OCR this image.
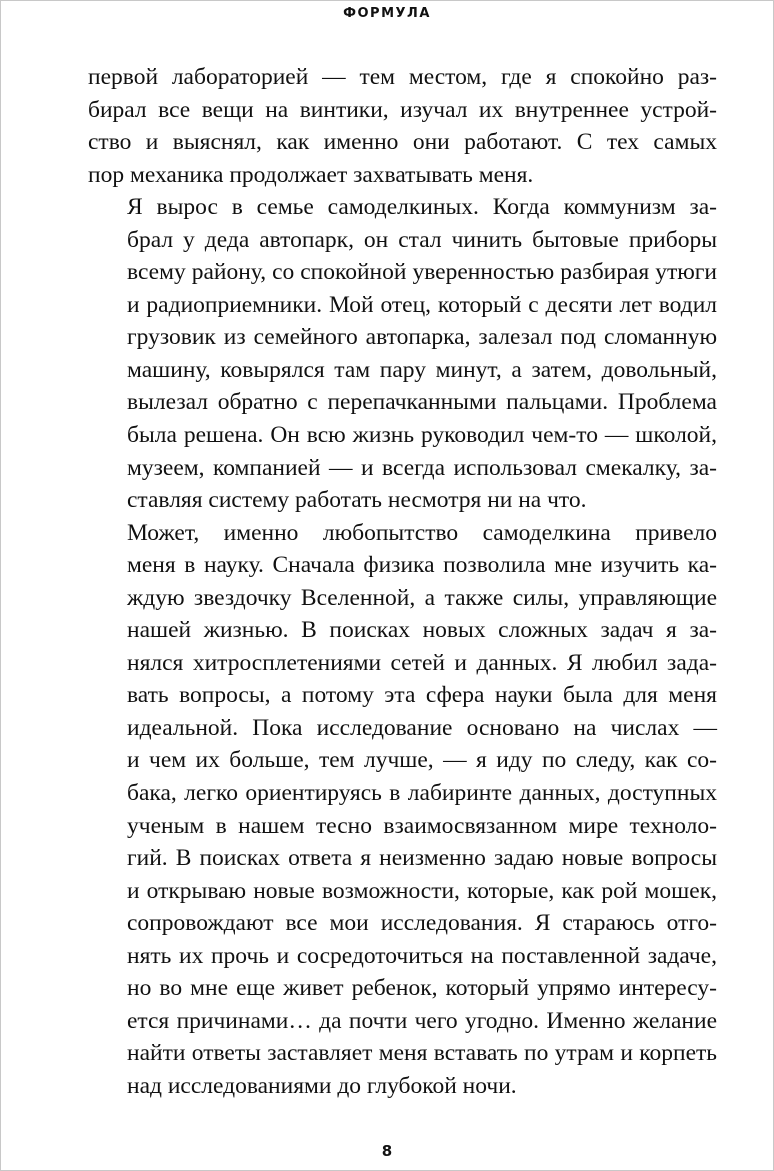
ФОРМУЛА

первой лабораторией — тем местом, где я спокойно раз-
бирал все вещи на винтики, изучал их внутреннее устрой-
ство и выяснял, как именно они работают. С тех самых
пор механика продолжает захватывать меня.

Я вырос в семье самоделкиных. Когда коммунизм за-
брал у деда автопарк, он стал чинить бытовые приборы
всему району, со спокойной уверенностью разбирая утюги
и радиоприемники. Мой отец, который с десяти лет водил
грузовик из семейного автопарка, залезал под сломанную
машину, ковырялся там пару минут, а затем, довольный,
вылезал обратно с перепачканными пальцами. Проблема
была решена. Он всю жизнь руководил чем-то — школой,
музеем, компанией — и всегда использовал смекалку, за-
ставляя систему работать несмотря ни на что.

Может, именно любопытство самоделкина привело
меня в науку. Сначала физика позволила мне изучить ка-
ждую звездочку Вселенной, а также силы, управляющие
нашей жизнью. В поисках новых сложных задач я за-
нялся хитросплетениями сетей и данных. Я любил зада-
вать вопросы, а потому эта сфера науки была для меня
идеальной. Пока исследование основано на числах —
и чем их больше, тем лучше, — я иду по следу, как со-
бака, легко ориентируясь в лабиринте данных, доступных
ученым в нашем тесно взаимосвязанном мире техноло-
гий. В поисках ответа я неизменно задаю новые вопросы
и открываю новые возможности, которые, как рой мошек,
сопровождают все мои исследования. Я стараюсь отго-
нять их прочь и сосредоточиться на поставленной задаче,
но во мне еще живет ребенок, который упрямо интересу-
ется причинами… да почти чего угодно. Именно желание
найти ответы заставляет меня вставать по утрам и корпеть
над исследованиями до глубокой ночи.

8
